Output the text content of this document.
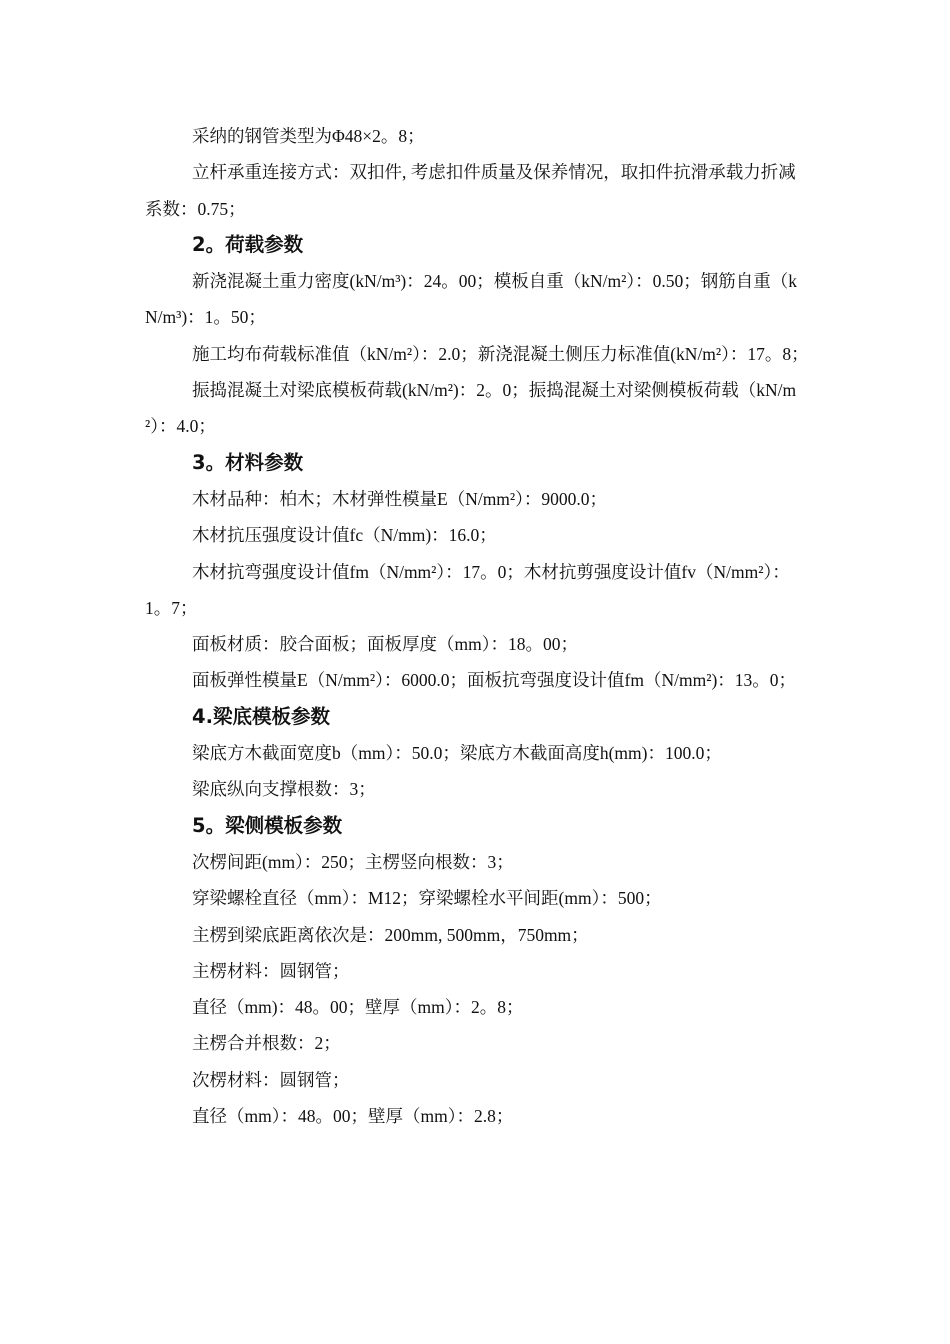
采纳的钢管类型为Φ48×2。8；

立杆承重连接方式：双扣件, 考虑扣件质量及保养情况，取扣件抗滑承载力折减系数：0.75；

2。荷载参数

新浇混凝土重力密度(kN/m³)：24。00；模板自重（kN/m²）：0.50；钢筋自重（kN/m³)：1。50；

施工均布荷载标准值（kN/m²）：2.0；新浇混凝土侧压力标准值(kN/m²）：17。8；

振捣混凝土对梁底模板荷载(kN/m²)：2。0；振捣混凝土对梁侧模板荷载（kN/m²）：4.0；

3。材料参数

木材品种：柏木；木材弹性模量E（N/mm²）：9000.0；

木材抗压强度设计值fc（N/mm)：16.0；

木材抗弯强度设计值fm（N/mm²）：17。0；木材抗剪强度设计值fv（N/mm²）：1。7；

面板材质：胶合面板；面板厚度（mm）：18。00；

面板弹性模量E（N/mm²）：6000.0；面板抗弯强度设计值fm（N/mm²)：13。0；

4.梁底模板参数

梁底方木截面宽度b（mm）：50.0；梁底方木截面高度h(mm)：100.0；

梁底纵向支撑根数：3；

5。梁侧模板参数

次楞间距(mm）：250；主楞竖向根数：3；

穿梁螺栓直径（mm）：M12；穿梁螺栓水平间距(mm）：500；

主楞到梁底距离依次是：200mm, 500mm，750mm；

主楞材料：圆钢管；

直径（mm)：48。00；壁厚（mm）：2。8；

主楞合并根数：2；

次楞材料：圆钢管；

直径（mm）：48。00；壁厚（mm）：2.8；
